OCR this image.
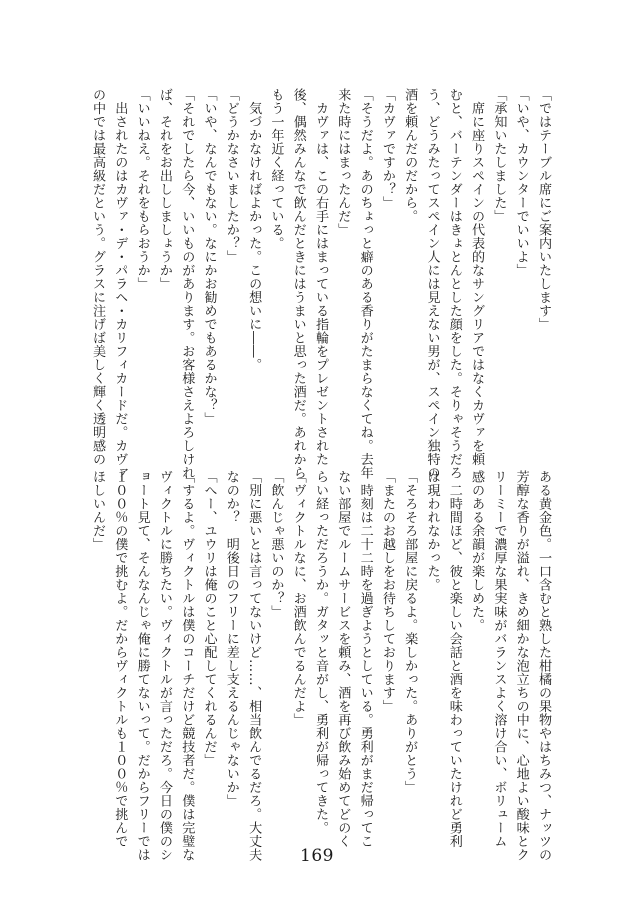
「ではテーブル席にご案内いたします」

「いや、カウンターでいいよ」

「承知いたしました」

　席に座りスペインの代表的なサングリアではなくカヴァを頼

むと、バーテンダーはきょとんとした顔をした。そりゃそうだろ

う、どうみたってスペイン人には見えない男が、スペイン独特の

酒を頼んだのだから。

「カヴァですか？」

「そうだよ。あのちょっと癖のある香りがたまらなくてね。去年

来た時にはまったんだ」

　カヴァは、この右手にはまっている指輪をプレゼントされた

後、偶然みんなで飲んだときにはうまいと思った酒だ。あれから

もう一年近く経っている。

　気づかなければよかった。この想いに――。

「どうかなさいましたか？」

「いや、なんでもない。なにかお勧めでもあるかな？」

「それでしたら今、いいものがあります。お客様さえよろしけれ

ば、それをお出ししましょうか」

「いいねえ。それをもらおうか」

　出されたのはカヴァ・デ・パラヘ・カリフィカードだ。カヴァ

の中では最高級だという。グラスに注げば美しく輝く透明感の

ある黄金色。一口含むと熟した柑橘の果物やはちみつ、ナッツの

芳醇な香りが溢れ、きめ細かな泡立ちの中に、心地よい酸味とク

リーミーで濃厚な果実味がバランスよく溶け合い、ボリューム

感のある余韻が楽しめた。

　二時間ほど、彼と楽しい会話と酒を味わっていたけれど勇利

は現われなかった。

「そろそろ部屋に戻るよ。楽しかった。ありがとう」

「またのお越しをお待ちしております」

　時刻は二十二時を過ぎようとしている。勇利がまだ帰ってこ

ない部屋でルームサービスを頼み、酒を再び飲み始めてどのく

らい経っただろうか。ガタッと音がし、勇利が帰ってきた。

「ヴィクトルなに、お酒飲んでるんだよ」

「飲んじゃ悪いのか？」

「別に悪いとは言ってないけど……、相当飲んでるだろ。大丈夫

なのか？　明後日のフリーに差し支えるんじゃないか」

「へー、ユウリは俺のこと心配してくれるんだ」

「するよ。ヴィクトルは僕のコーチだけど競技者だ。僕は完璧な

ヴィクトルに勝ちたい。ヴィクトルが言っただろ。今日の僕のシ

ョート見て、そんなんじゃ俺に勝てないって。だからフリーでは

１００％の僕で挑むよ。だからヴィクトルも１００％で挑んで

ほしいんだ」

169
